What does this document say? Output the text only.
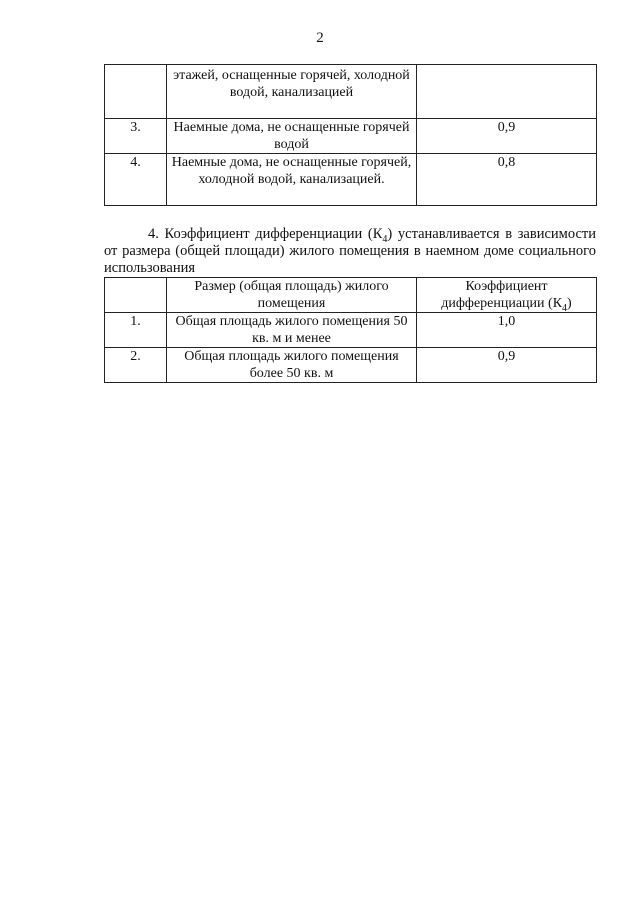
2
	этажей, оснащенные горячей, холодной водой, канализацией	
3.	Наемные дома, не оснащенные горячей водой	0,9
4.	Наемные дома, не оснащенные горячей, холодной водой, канализацией.	0,8

4. Коэффициент дифференциации $(К_4)$ устанавливается в зависимости от размера (общей площади) жилого помещения в наемном доме социального использования

	Размер (общая площадь) жилого помещения	Коэффициент дифференциации $(К_4)$
1.	Общая площадь жилого помещения 50 кв. м и менее	1,0
2.	Общая площадь жилого помещения более 50 кв. м	0,9
